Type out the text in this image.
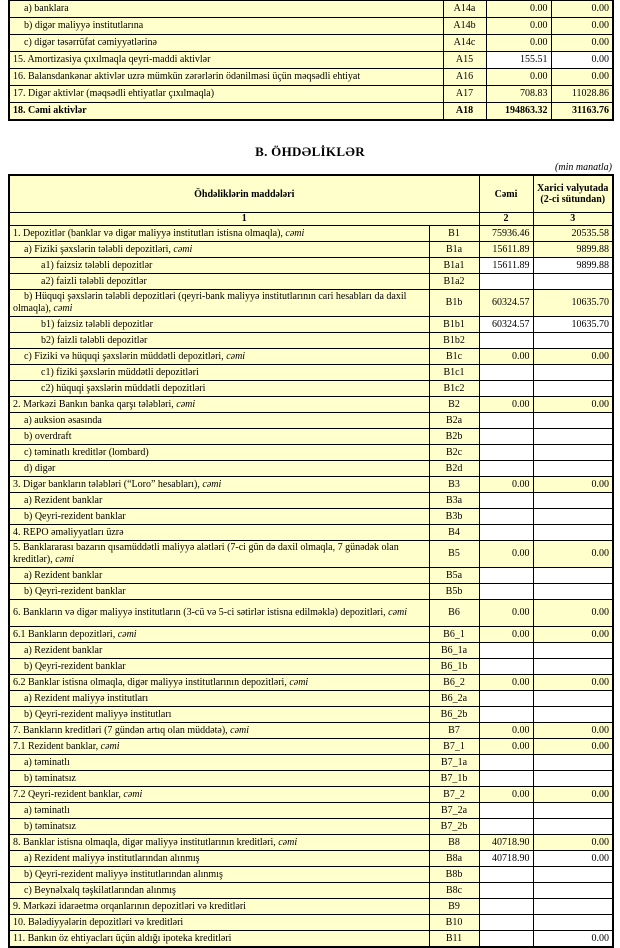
a) banklara	A14a	0.00	0.00
b) digər maliyyə institutlarına	A14b	0.00	0.00
c) digər təsərrüfat cəmiyyətlərinə	A14c	0.00	0.00
15. Amortizasiya çıxılmaqla qeyri-maddi aktivlər	A15	155.51	0.00
16. Balansdankənar aktivlər uzrə mümkün zərərlərin ödənilməsi üçün məqsədli ehtiyat	A16	0.00	0.00
17. Digər aktivlər (məqsədli ehtiyatlar çıxılmaqla)	A17	708.83	11028.86
18. Cəmi aktivlər	A18	194863.32	31163.76
B. ÖHDƏLİKLƏR
(min manatla)
Öhdəliklərin maddələri		Cəmi	Xarici valyutada (2-ci sütundan)
1		2	3
1. Depozitlər (banklar və digər maliyyə institutları istisna olmaqla), cəmi	B1	75936.46	20535.58
a) Fiziki şəxslərin tələbli depozitləri, cəmi	B1a	15611.89	9899.88
a1) faizsiz tələbli depozitlər	B1a1	15611.89	9899.88
a2) faizli tələbli depozitlər	B1a2		
b) Hüquqi şəxslərin tələbli depozitləri (qeyri-bank maliyyə institutlarının cari hesabları da daxil olmaqla), cəmi	B1b	60324.57	10635.70
b1) faizsiz tələbli depozitlər	B1b1	60324.57	10635.70
b2) faizli tələbli depozitlər	B1b2		
c) Fiziki və hüquqi şəxslərin müddətli depozitləri, cəmi	B1c	0.00	0.00
c1) fiziki şəxslərin müddətli depozitləri	B1c1		
c2) hüquqi şəxslərin müddətli depozitləri	B1c2		
2. Mərkəzi Bankın banka qarşı tələbləri, cəmi	B2	0.00	0.00
a) auksion əsasında	B2a		
b) overdraft	B2b		
c) təminatlı kreditlər (lombard)	B2c		
d) digər	B2d		
3. Digər bankların tələbləri (“Loro” hesabları), cəmi	B3	0.00	0.00
a) Rezident banklar	B3a		
b) Qeyri-rezident banklar	B3b		
4. REPO əməliyyatları üzrə	B4		
5. Banklararası bazarın qısamüddətli maliyyə alətləri (7-ci gün də daxil olmaqla, 7 günədək olan kreditlər), cəmi	B5	0.00	0.00
a) Rezident banklar	B5a		
b) Qeyri-rezident banklar	B5b		
6. Bankların və digər maliyyə institutların (3-cü və 5-ci sətirlər istisna edilməklə) depozitləri, cəmi	B6	0.00	0.00
6.1 Bankların depozitləri, cəmi	B6_1	0.00	0.00
a) Rezident banklar	B6_1a		
b) Qeyri-rezident banklar	B6_1b		
6.2 Banklar istisna olmaqla, digər maliyyə institutlarının depozitləri, cəmi	B6_2	0.00	0.00
a) Rezident maliyyə institutları	B6_2a		
b) Qeyri-rezident maliyyə institutları	B6_2b		
7. Bankların kreditləri (7 gündən artıq olan müddətə), cəmi	B7	0.00	0.00
7.1 Rezident banklar, cəmi	B7_1	0.00	0.00
a) təminatlı	B7_1a		
b) təminatsız	B7_1b		
7.2 Qeyri-rezident banklar, cəmi	B7_2	0.00	0.00
a) təminatlı	B7_2a		
b) təminatsız	B7_2b		
8. Banklar istisna olmaqla, digər maliyyə institutlarının kreditləri, cəmi	B8	40718.90	0.00
a) Rezident maliyyə institutlarından alınmış	B8a	40718.90	0.00
b) Qeyri-rezident maliyyə institutlarından alınmış	B8b		
c) Beynəlxalq təşkilatlarından alınmış	B8c		
9. Mərkəzi idarəetmə orqanlarının depozitləri və kreditləri	B9		
10. Bələdiyyələrin depozitləri və kreditləri	B10		
11. Bankın öz ehtiyacları üçün aldığı ipoteka kreditləri	B11		0.00
